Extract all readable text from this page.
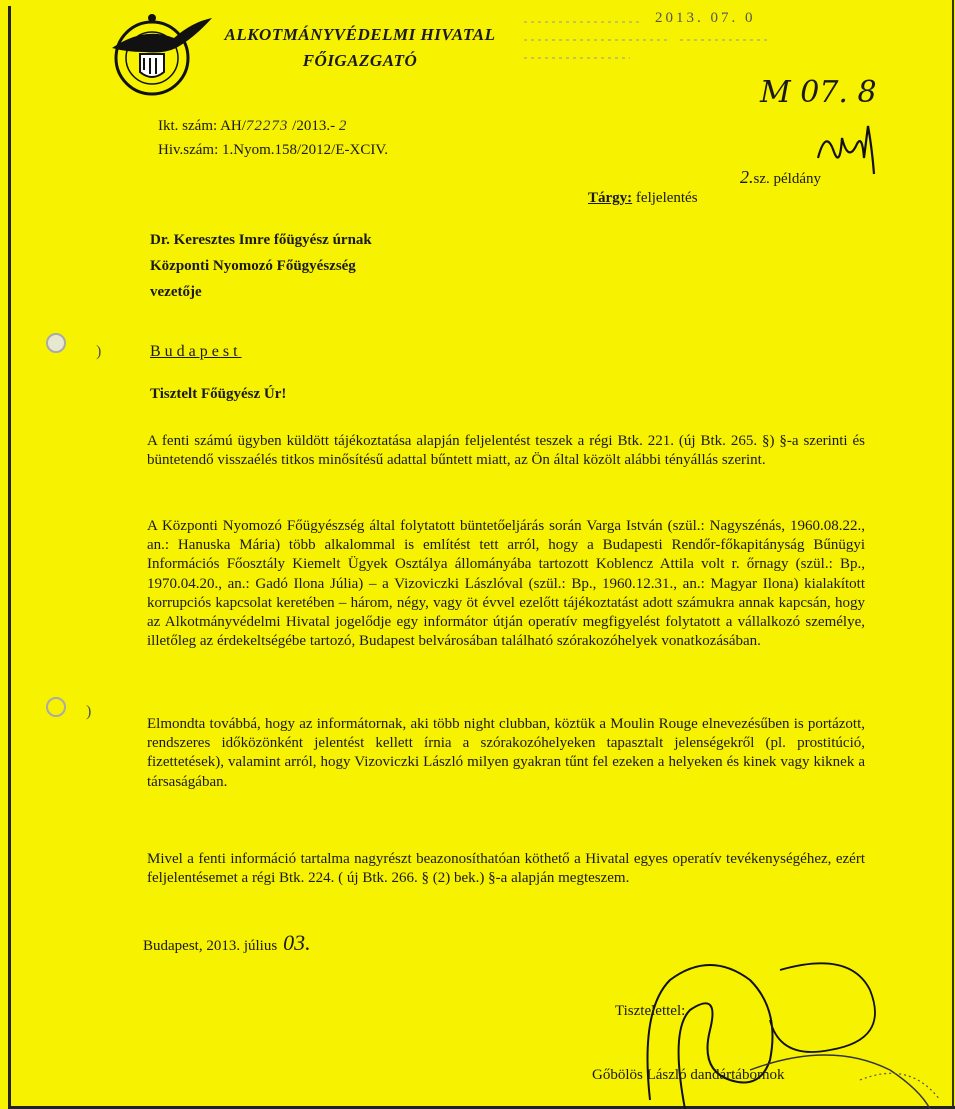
ALKOTMÁNYVÉDELMI HIVATAL
FŐIGAZGATÓ
2013. 07. 0
M 07. 8
Ikt. szám: AH/72273 /2013.- 2
Hiv.szám: 1.Nyom.158/2012/E-XCIV.
2.sz. példány
Tárgy: feljelentés
Dr. Keresztes Imre főügyész úrnak
Központi Nyomozó Főügyészség
vezetője
)
)
Budapest
Tisztelt Főügyész Úr!

A fenti számú ügyben küldött tájékoztatása alapján feljelentést teszek a régi Btk. 221. (új Btk. 265. §) §-a szerinti és büntetendő visszaélés titkos minősítésű adattal bűntett miatt, az Ön által közölt alábbi tényállás szerint.

A Központi Nyomozó Főügyészség által folytatott büntetőeljárás során Varga István (szül.: Nagyszénás, 1960.08.22., an.: Hanuska Mária) több alkalommal is említést tett arról, hogy a Budapesti Rendőr-főkapitányság Bűnügyi Információs Főosztály Kiemelt Ügyek Osztálya állományába tartozott Koblencz Attila volt r. őrnagy (szül.: Bp., 1970.04.20., an.: Gadó Ilona Júlia) – a Vizoviczki Lászlóval (szül.: Bp., 1960.12.31., an.: Magyar Ilona) kialakított korrupciós kapcsolat keretében – három, négy, vagy öt évvel ezelőtt tájékoztatást adott számukra annak kapcsán, hogy az Alkotmányvédelmi Hivatal jogelődje egy informátor útján operatív megfigyelést folytatott a vállalkozó személye, illetőleg az érdekeltségébe tartozó, Budapest belvárosában található szórakozóhelyek vonatkozásában.

Elmondta továbbá, hogy az informátornak, aki több night clubban, köztük a Moulin Rouge elnevezésűben is portázott, rendszeres időközönként jelentést kellett írnia a szórakozóhelyeken tapasztalt jelenségekről (pl. prostitúció, fizettetések), valamint arról, hogy Vizoviczki László milyen gyakran tűnt fel ezeken a helyeken és kinek vagy kiknek a társaságában.

Mivel a fenti információ tartalma nagyrészt beazonosíthatóan köthető a Hivatal egyes operatív tevékenységéhez, ezért feljelentésemet a régi Btk. 224. ( új Btk. 266. § (2) bek.) §-a alapján megteszem.

Budapest, 2013. július 03.
Tisztelettel:
Gőbölös László dandártábornok
